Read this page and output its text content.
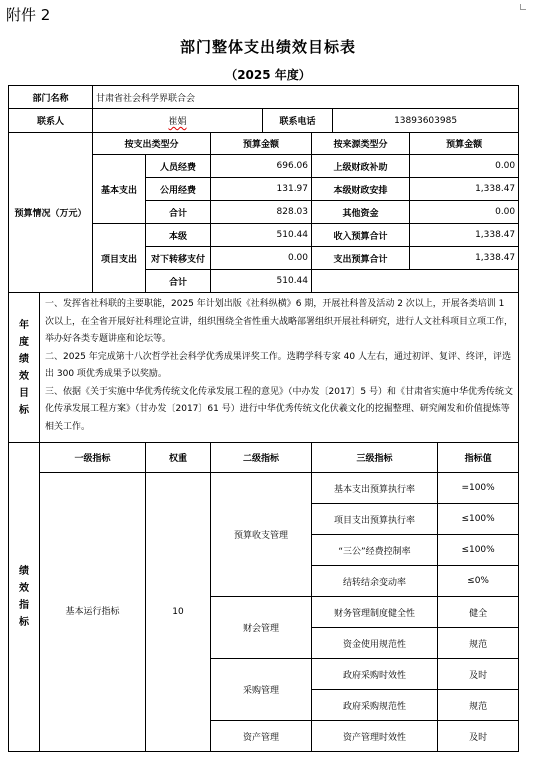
附件 2
部门整体支出绩效目标表
（2025 年度）
部门名称		甘肃省社会科学界联合会							
联系人		崔娟			联系电话		13893603985		
预算情况（万元）		按支出类型分		预算金额		按来源类型分		预算金额	
		基本支出	人员经费	696.06		上级财政补助		0.00	
			公用经费	131.97		本级财政安排		1,338.47	
			合计	828.03		其他资金		0.00	
		项目支出	本级	510.44		收入预算合计		1,338.47	
			对下转移支付	0.00		支出预算合计		1,338.47	
			合计	510.44					

年度绩效目标	一、发挥省社科联的主要职能，2025 年计划出版《社科纵横》6 期，开展社科普及活动 2 次以上，开展各类培训 1 次以上，在全省开展好社科理论宣讲，组织围绕全省性重大战略部署组织开展社科研究，进行人文社科项目立项工作，举办好各类专题讲座和论坛等。

二、2025 年完成第十八次哲学社会科学优秀成果评奖工作。选聘学科专家 40 人左右，通过初评、复评、终评，评选出 300 项优秀成果予以奖励。

三、依据《关于实施中华优秀传统文化传承发展工程的意见》（中办发〔2017〕5 号）和《甘肃省实施中华优秀传统文化传承发展工程方案》（甘办发〔2017〕61 号）进行中华优秀传统文化伏羲文化的挖掘整理、研究阐发和价值提炼等相关工作。								

绩效指标	一级指标		权重	二级指标		三级指标			指标值

	基本运行指标		10	预算收支管理		基本支出预算执行率			=100%
						项目支出预算执行率			≤100%
						“三公”经费控制率			≤100%
						结转结余变动率			≤0%
				财会管理		财务管理制度健全性			健全
						资金使用规范性			规范
				采购管理		政府采购时效性			及时
						政府采购规范性			规范
				资产管理		资产管理时效性			及时
